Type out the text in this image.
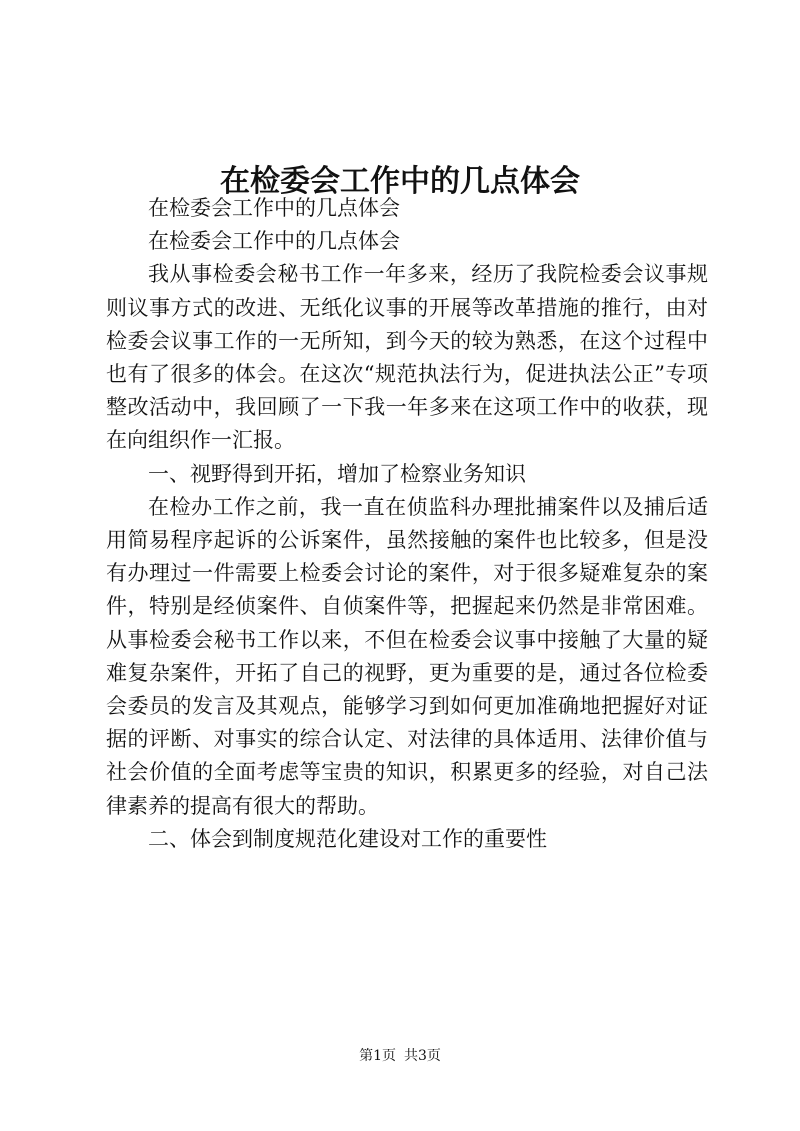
在检委会工作中的几点体会

在检委会工作中的几点体会

在检委会工作中的几点体会

我从事检委会秘书工作一年多来，经历了我院检委会议事规则议事方式的改进、无纸化议事的开展等改革措施的推行，由对检委会议事工作的一无所知，到今天的较为熟悉，在这个过程中也有了很多的体会。在这次“规范执法行为，促进执法公正”专项整改活动中，我回顾了一下我一年多来在这项工作中的收获，现在向组织作一汇报。

一、视野得到开拓，增加了检察业务知识

在检办工作之前，我一直在侦监科办理批捕案件以及捕后适用简易程序起诉的公诉案件，虽然接触的案件也比较多，但是没有办理过一件需要上检委会讨论的案件，对于很多疑难复杂的案件，特别是经侦案件、自侦案件等，把握起来仍然是非常困难。从事检委会秘书工作以来，不但在检委会议事中接触了大量的疑难复杂案件，开拓了自己的视野，更为重要的是，通过各位检委会委员的发言及其观点，能够学习到如何更加准确地把握好对证据的评断、对事实的综合认定、对法律的具体适用、法律价值与社会价值的全面考虑等宝贵的知识，积累更多的经验，对自己法律素养的提高有很大的帮助。

二、体会到制度规范化建设对工作的重要性

第1页 共3页
